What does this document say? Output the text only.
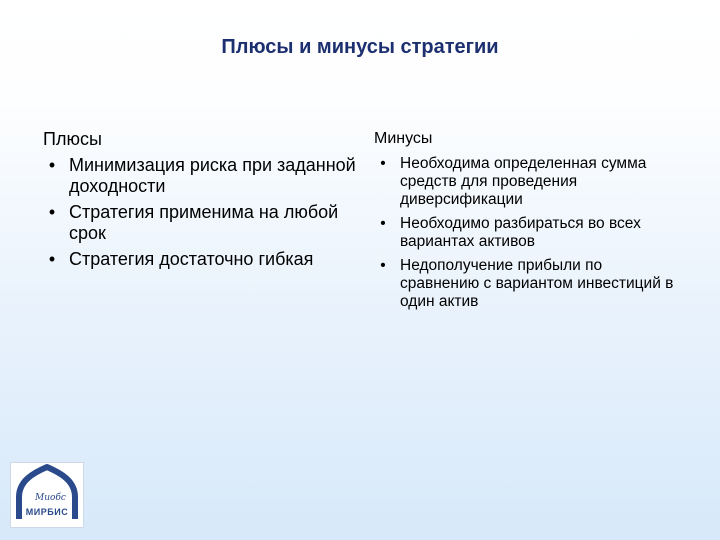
Плюсы и минусы стратегии
Плюсы
• Минимизация риска при заданной доходности
• Стратегия применима на любой срок
• Стратегия достаточно гибкая
Минусы
• Необходима определенная сумма средств для проведения диверсификации
• Необходимо разбираться во всех вариантах активов
• Недополучение прибыли по сравнению с вариантом инвестиций в один актив
Миобс
МИРБИС
